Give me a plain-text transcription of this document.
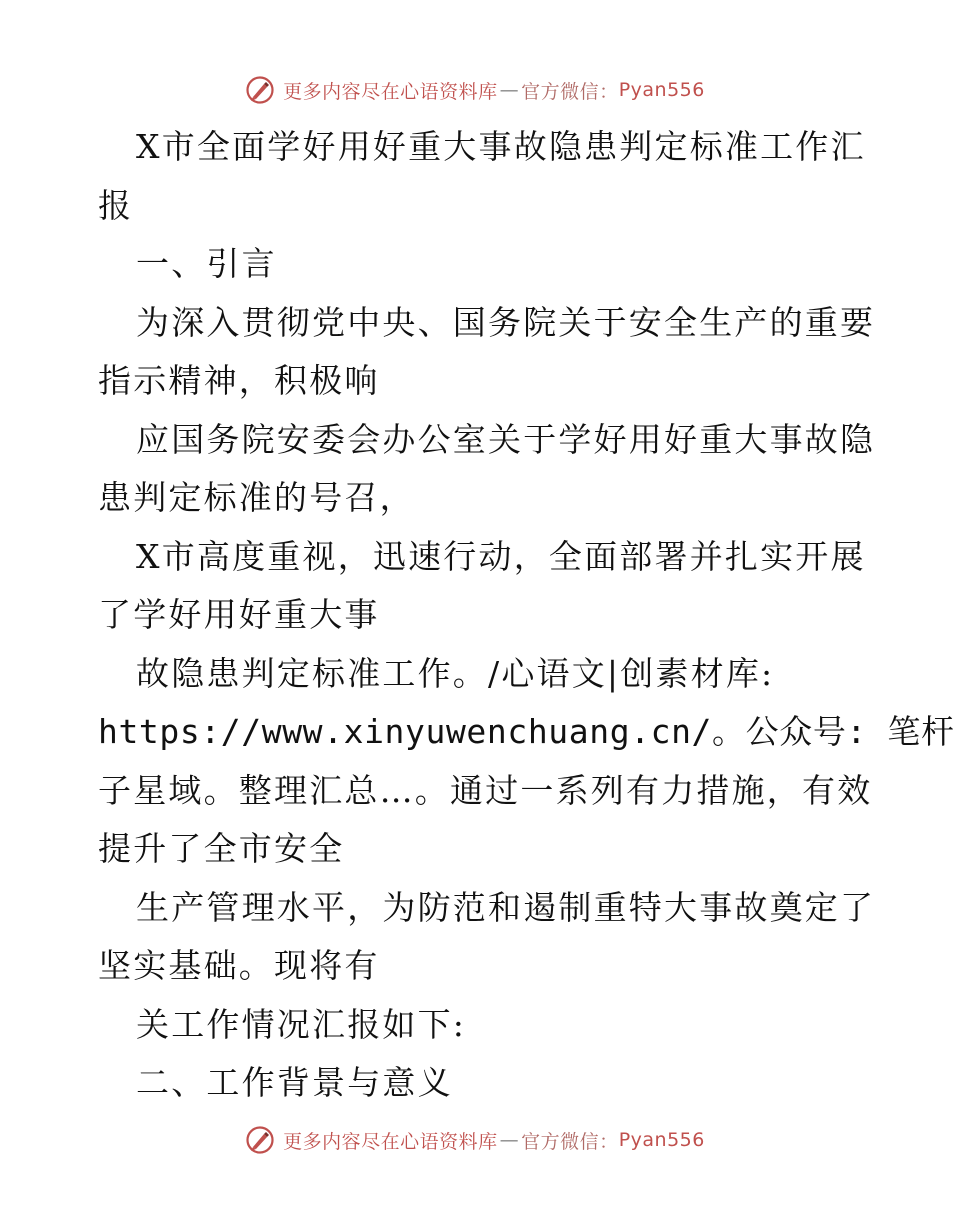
更多内容尽在心语资料库 — 官方微信： Pyan556
X市全面学好用好重大事故隐患判定标准工作汇
报
一、引言
为深入贯彻党中央、国务院关于安全生产的重要
指示精神，积极响
应国务院安委会办公室关于学好用好重大事故隐
患判定标准的号召，
X市高度重视，迅速行动，全面部署并扎实开展
了学好用好重大事
故隐患判定标准工作。/心语文|创素材库:
https://www.xinyuwenchuang.cn/。公众号: 笔杆
子星域。整理汇总…。通过一系列有力措施，有效
提升了全市安全
生产管理水平，为防范和遏制重特大事故奠定了
坚实基础。现将有
关工作情况汇报如下:
二、工作背景与意义
更多内容尽在心语资料库 — 官方微信： Pyan556
